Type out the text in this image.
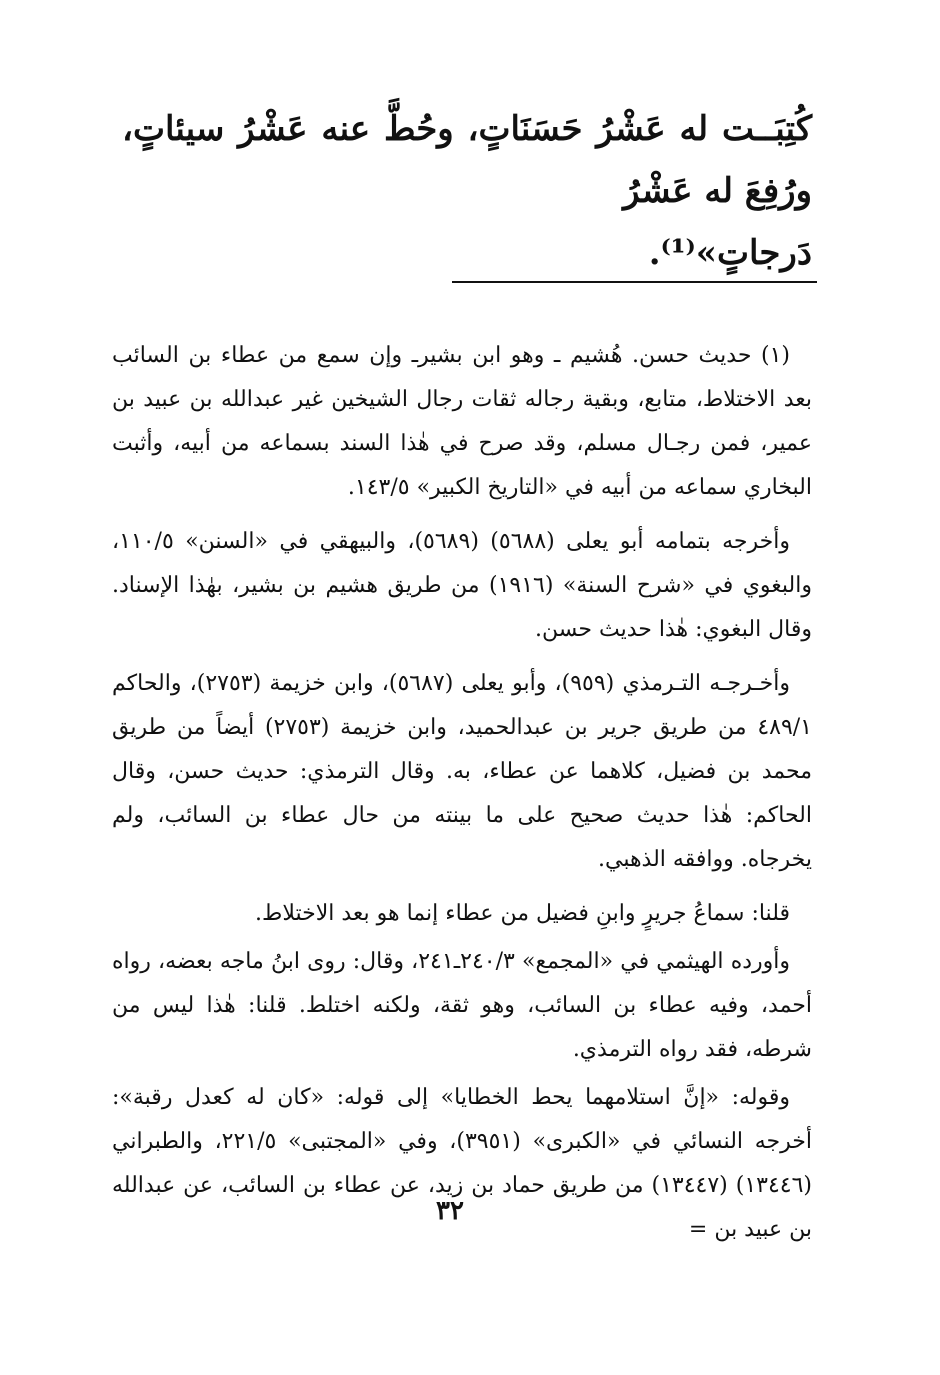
كُتِبَــت له عَشْرُ حَسَنَاتٍ، وحُطَّ عنه عَشْرُ سيئاتٍ، ورُفِعَ له عَشْرُ

دَرجاتٍ»⁽¹⁾.

(١) حديث حسن. هُشيم ـ وهو ابن بشيرـ وإن سمع من عطاء بن السائب بعد الاختلاط، متابع، وبقية رجاله ثقات رجال الشيخين غير عبدالله بن عبيد بن عمير، فمن رجـال مسلم، وقد صرح في هٰذا السند بسماعه من أبيه، وأثبت البخاري سماعه من أبيه في «التاريخ الكبير» ١٤٣/٥.

وأخرجه بتمامه أبو يعلى (٥٦٨٨) (٥٦٨٩)، والبيهقي في «السنن» ١١٠/٥، والبغوي في «شرح السنة» (١٩١٦) من طريق هشيم بن بشير، بهٰذا الإسناد. وقال البغوي: هٰذا حديث حسن.

وأخـرجـه التـرمذي (٩٥٩)، وأبو يعلى (٥٦٨٧)، وابن خزيمة (٢٧٥٣)، والحاكم ٤٨٩/١ من طريق جرير بن عبدالحميد، وابن خزيمة (٢٧٥٣) أيضاً من طريق محمد بن فضيل، كلاهما عن عطاء، به. وقال الترمذي: حديث حسن، وقال الحاكم: هٰذا حديث صحيح على ما بينته من حال عطاء بن السائب، ولم يخرجاه. ووافقه الذهبي.

قلنا: سماعُ جريرٍ وابنِ فضيل من عطاء إنما هو بعد الاختلاط.

وأورده الهيثمي في «المجمع» ٢٤٠/٣ـ٢٤١، وقال: روى ابنُ ماجه بعضه، رواه أحمد، وفيه عطاء بن السائب، وهو ثقة، ولكنه اختلط. قلنا: هٰذا ليس من شرطه، فقد رواه الترمذي.

وقوله: «إنَّ استلامهما يحط الخطايا» إلى قوله: «كان له كعدل رقبة»: أخرجه النسائي في «الكبرى» (٣٩٥١)، وفي «المجتبى» ٢٢١/٥، والطبراني (١٣٤٤٦) (١٣٤٤٧) من طريق حماد بن زيد، عن عطاء بن السائب، عن عبدالله بن عبيد بن =

٣٢
